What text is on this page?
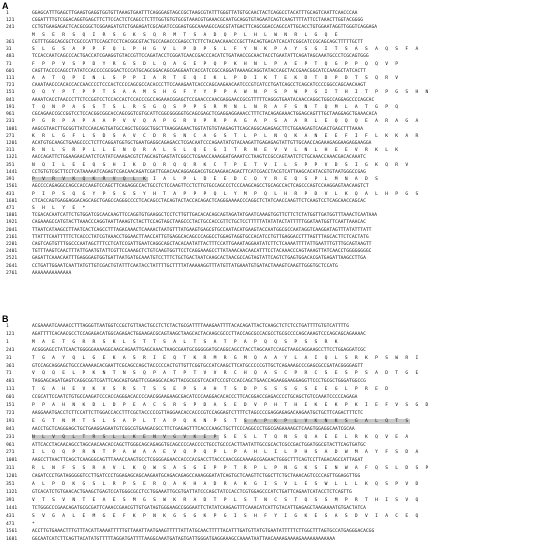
A
1	GGAGCATTTGAGCTTGAAGTGAGGTGGTGTTAAAGTGAATTTCAGGGAGTAGCCGCTAAGCGTATTTGGGTTATGTGCAACTACTCAGGCCTACATTTGCAGTCAATTCAACCCAA
121	CGGATTTTGTCGGACAGGTGAGCTTCTTCCACTCTCAGCCTCTTTGGTGTGTGCGTAAACGTGAAACGCAATGCAGGTGTAGAATCAGTCAAGTTTTATTCCTAAACTTGGTACGGGG
241	CCTGTGAAGAGACTCACGCGGCTCGGAAGATGTCTGAGAGATCGCAGATCCGGAGTGGCAAAAGCCAGCGTATGACTTCAGCGGACCAGCCATTGCACCTGTGGAATAGGTTGGGTCAGGAGA
M S E R S Q I R S G K S Q R M T S A D Q P L H L W N R L G Q E
361	CGTTTGGGCAGCGCTCGCCCATTCCAGCTCCTCACGGCGTACTGCCAGACCCGAGCCTCTTCTACAACAAACCCGCTTACAGTGACATCACATCGGCATCCGCAGCAGCTTTTTGCTT
31	S L G S A P P F Q L P H G V L P D P S L F Y N K P A Y S G I T S A S A Q S F A
481	TCCACCAATCAGCCCACTGACCATCGAAGGTGTACCGTTCCAGATACCTCGGATCAACCGACCCACATCTGATAACCGCAACTACCTGAATATTCAGATAGCAAATGCCCTCGCAGTGGG
71	F P P V S P D Y R G S D L Q A G E P Q P K H N L P A E P T Q G P P Q Q V P
601	CAGTTACCCCAGCCTATATCCACCCCGCGGACTCCCATGCAGCGGACAGCGAGGAATCACCATCCGCCAGGATAAAAGCAGGTATACCAGCTACCGAACGGCATCCAAGGCTATCACTT
111	A A T Q P I N L S P P I A R T E Q I K L P D I K T E K D T D P D T S Q R V
721	CAAATAACCCACACCACCAACCCCTCCCACTCCCCAGCGCCACACCCTTCCAAAGAATCACCCAGCAAGAACAATCCCGTCATCCTGATCAGCCTCAGCATCCCCGGCCAGCAACAAGT
151	Q Q Y P T P P T S A A M S H G F Y Y P P A W N P S P W P G I T H I T P P G S H N
841	AAAATCACCTAACCCTTCTCCGGTCCTCCACCACTCCACCCGCCAGAAACGGAGCTCCGAACCCAACGAGGAACCGCGTTTTTCAGGGTGAATACAACCAGGCTGGCCAGGAGCCCCAGCAC
191	T Q N P A S S T S L R S G Q S P P S R M N L N R A F S N T Q M L A T G P Q
961	CGCAGAACCGCCGGTCCTCCACGGCGGCACCAGCGGTCGTGCATTCGGCGGGGGTGCAGCGAGCTCGAGGAGGAAACCTTTCTACAGAGAAACTGGAGCAGTTTGCTAAGGAGCTGAAACACA
231	P G R P A P A A P V V Q A P G R V P R P A G A P S A A R L E Q Q Q E A R A G A
1081	AAGCGTAACTTGCGGTTATCCAACAGTGATGCCAGCTGCGGCTGGCTTAAGGAGAACTGGTATGTGTAAGAGTTCAGCAGGCAGAGAGCTTCTGGAAGAGTCAGACTGAGCTTTAAAA
271	K R L G F L S D S A V C D R S N C A G S T L P L N Q K A N E E F I F L K K A R
1201	ACATGTGCAAGCTGAAGCCCCTCTTCAGGATGGTGCTGAATGAGGCAGAGACCTCGACAATCCCAGAATATGTACAAGATTGAGAGAGTATTGTTGCAACCAGAAAGAGGAAGAGGAAGGA
311	R N L S R P L L E N Q R A L S L Q E G I T R N E V V L N L H E E V R K L K
1321	AACCAGATTCTGGAAGAACAATCTCATATCAAAGACGTCTAGCAGTGAGTATCGGCCTCGAACCAAAGGATGAAATCCTAAGTCCGCCAGTAATCTCTGCAAACCAAACGACACAAATC
351	N Q I L E E Q S H I K D Q R Q Q R K C T P E T V I L S P P V D S I G K Q R V
1441	CCTGTGTCGCTTCCTCATAAAAATCAGAGTCGACAACAGATCGATTGGACAACAGGAGGACGTGCAAGAACAGACTTCATCGACCTACGTCATTAAGCACATACGTGTAATGGGCCGAG
391	P V R V K Q K R V Q L K I A L P L D E E D C Q Y R E Q S P L M N A D S
1561	AGCCCCAGAGGCCAGCCACCAAGTCCAGCTTCAGAGGCCACTGCCTCTCCAAGTTCCTCTTGTGCCAGCCCTCCCAAGCAGCCTGCAGCCACTCAGCCCAGTCCAAGGAGTAACAAGTCT
431	P I P S Q G Y P S S S Y H T A P P P Q L Y M P Q L H R P D V L K Q A L H P G S
1681	CTCACCAGTGAGGAGGACAGCAGCTGAGCCAGGGCCCCTCACAGCCTACAGTACTACCACAGACTCAGGGAAAACCCAGGCTCTATCAACCAAGTTCTCAAGTCCTCAGCAACCAGCAC
471	S H L Y E *
1801	TCGACACAATCATTCTGTGGATCGCAACAAGTTCCAGGTGTGAAGGCTCCTCTTGTTGACACACAGCAGTAGATATGAATCAAAGTGGTTCTTCTCTATGGTTGATGGTTTAAACTCAATAAA
1921	CAGAAAGCCATGTACTTAAACCCAGGTAATTAAAGTCTACTTCCAGTAGCTAAGCCCTACTGCCACCGTTCTGCTCCTTTTTATATATACTATTTTTGGATAATGGTTCAATTAAACAC
2041	TTAATCATAAGCCTTAATCACTCAGCCTTTAGACAAACTCAAAACTAATGTTTATGAAGTGAGCGTGCCAATACATGAAGTACCAATGGCGCCAATAGGTCAAGGATAGTTTATATTTATT
2161	TTATTTCAATTTTTCTCACCCTATCGTAAACCTGGAACTTAACCATTGTGAGGCACAGCCCAGGCCTGGAGTAGGTGCCACATCCTGTTGAGGACCTTTAGTTTAGCACTTCTCACTATG
2281	CAGTCAGTGTTTGGCCCAATAGCTTTCCTCATCCGATTGAATCAGGCAGCTACACAATATTACTTTCCATTGAAATAGGAATATCTTCTCAAAATTTTATTGAATTTGTTTGCAGTAAGTT
2401	TGTTTAAGTCAACTTTATTGAATGTATTCGTTCCAAAGCTCTGTCAAGTGGTTCCTCAGGAAAGCCTTATAAACAACAACATTTCCTACAAACCCAGTAAAGTTATCAACCTGGGGGGGGC
2521	GAGATTCAAACAATTTGAGGGAGTGGTGATTAATGATGCAAATGTCCTTTCTGCTGACTAATCAAGCACTAACGCCAGTAGTATTCAGTCTGAGTGGACACGATGAGATTAAGCCTTGA
2641	CCTGATTGGAATCAATTATGTTGTCGACTGTATTTCAATACCTATTTTGCTTTTATAAAAAGGTTTATGTTATGAAATGTGATACTAAAGTCAAGTTGGGTGCTCCATG
2761	AAAAAAAAAAAAAA
B
1	ACGAAAATCAAAACCTTTAGGGTTAATGGTCCGCTGTTAACTGCCTCTCTACTGCGATTTTAAAGAATTTTACACAGATTACTCAAGCTCTCTCCTGATTTTGTGTCATTTTG
121	AGATTTTCACAACGCCTCCAGAGACATGGCAGAGACTGGAAGACGCAGTAAGCTAAGCACTACAAGCGCCCTTACCAGCGCCACGCCTGCGCCCCAGCAAAGTCCCAGCAGCAGAAAAC
1	M A E T G R R S K L S T T S A L T S A T P A P Q Q S P S S R K
241	ACGGGAGCCTATCAACTGGGGGAAAAGGCAAGCAGAATTGAGCAAACTAAGCGAATGCGGGGGATGCAGGCAGCCTACCTAGCAATCCAGCTAAGCAGGAAGCCTTCCTGGAGGATCGC
31	T G A Y Q L G E K A S R I E Q T K R M R G M Q A A Y L A I Q L S R K P S W R I
361	GTCCAGCAGGAGCTGCCCAAAAACACGAATTCGCAGCCAGCTACCCCCACTGTTGTTCGGTGCCATCAAGCTTCATGCCCCCGTTGCTCAGAAAGCCCGAGCGCCGATACGGGGAGTT
71	V Q Q E L P K N T N S Q P A T P T V V R C H Q A S C P R C S E S P S A D T G E
481	TAGGAGCAGATGAGTCAGGCGGTCGATTCAGCAGTGAGTTCGGAGGCACAGTTACGCGCGTCACATCCCGTCCACCAGCTGAACCAGAAGGAAGGAGGTTCCCTGCGCTGGGATGGCCG
111	T G A H E V K V S R S T S S E P S A H T S D P S S S G S E E G L P R E D
601	CCGCATTCCAATCTGTGCCAAGATCCCACCAGGGACACCCCAACGGAAGAAGCGACATCCCAAGGACACACCCTTCACGGACCGAGACCCCTGCAGCTGTCCAAATCCCCCAGAGA
151	P P A H N K D L D P E A C S R S P D A S E D V P H T H E K E K P K I E F V S G D
721	AAGGAAATGACCTCTTCCATTCTTGGACCACCTTTCGCTACCCCCGTTAGGAACACCACCCGTCCAGGAGTCTTTTCTAGCCCCGAGGAGAGACAAGAATGCTGCTTCAGACTTTCTC
191	E G T N M T S L S A P L T A P Q K N P S T S A P K P L V K N K S G A L Q T S
841	AACCTGCTCAGGGAGCTGCTGAAGGAGAATGTCGGCGTGAAGACGCCTTCTGAGAGTTTCACCCAAGCTGCTTCCCAGGCCCTGGCGAGAAAAGCTCAAGTGGAGGCAATCGCAA
231	N L V Q L T R S L L K E N V G V K E P S E S L T Q N S Q A E E L R K Q V E A
961	ATTCACCTACAACAGCCTAGCAACAACACCAGCTTGGGCAGCAGAGGTGCAGCCCCAACCCCTGCCTGCCCACTTAATATTGCCGCACTCGCCGACTGGATGGCGTACTTCAGTGATGC
271	I L Q Q P R N T P A W A A E V Q P Q P L P A H L I L P H S A D W M A Y F S D A
1081	AAGCCTTAACTTCAGCTCAAGGGCAGTTTAAACCAAGTGCCTCGGGGAGAACCACCCACGACCTTACCCAACGGCAAAAGCGAGAACTGGGCTTTCAGTCCTTAGACAGCCATTAGAT
311	R L N F S S R A V L K Q W S A S G E P P T R P L P N G K S E N W A F Q S L D S P
1201	CAGATCCCTGATAGGGGGTCCTTGATCCCTGGAGAGCAGCAAGAATGCAGACAGAGCCAAAGGGATATCAGTGCTCAAGTTCTGGCTTCTGCTAAACAGTCCCCAGTTGGAGGTTGG
351	A L P D K G S L R P S E R Q A K H A D R A K G I S V L E S W L L L K Q S P V D
1321	GTCACATCTGTGAACACTGAAGCTGAGTCCATGGGCGCCTCCTGGAAATTGCGTGATTATCCCAGCTATCCACCTCGTGGAGCCCATCTGATTCAGAATCATACCTCTCAGTTG
391	V T S V N T E A E S M G S W K R A D T P L S T N C S T Q S S M P R T H I S V Q
1441	TCTGGGCCCGAACAGATGCGCGATTCAAACCGAACGTTGTGATAGTGGGAAGCCGGGAATTCTATATCAAGAGTTTCAAACATCATTGTACATTGAGAGCTAAGAAAATGTGACTATCA
431	S V G A L E M G E F K P N K G S G K P G I S H F Y I G K E S A S D V I A C E Q
471	*
1561	ACCTTGTGAAACTTTGTTTACATTAAAATTTTTGTTAAATTAATGAAGTTTTTATTATGCAACTTTTTACATTTGATGTTATGTGAATATTTTTCTTGGCTTTAGTGCCATGAGGGACACGG
1681	GGCAATCATCTTCAGTTACATATGTTTTTAGGATGATTTTAAGGCAAATGATAGTGATTGGGATGAGGAAAGCCAAAATAATTAACAAAAGAAAAGAAAAAAAAAAAA
